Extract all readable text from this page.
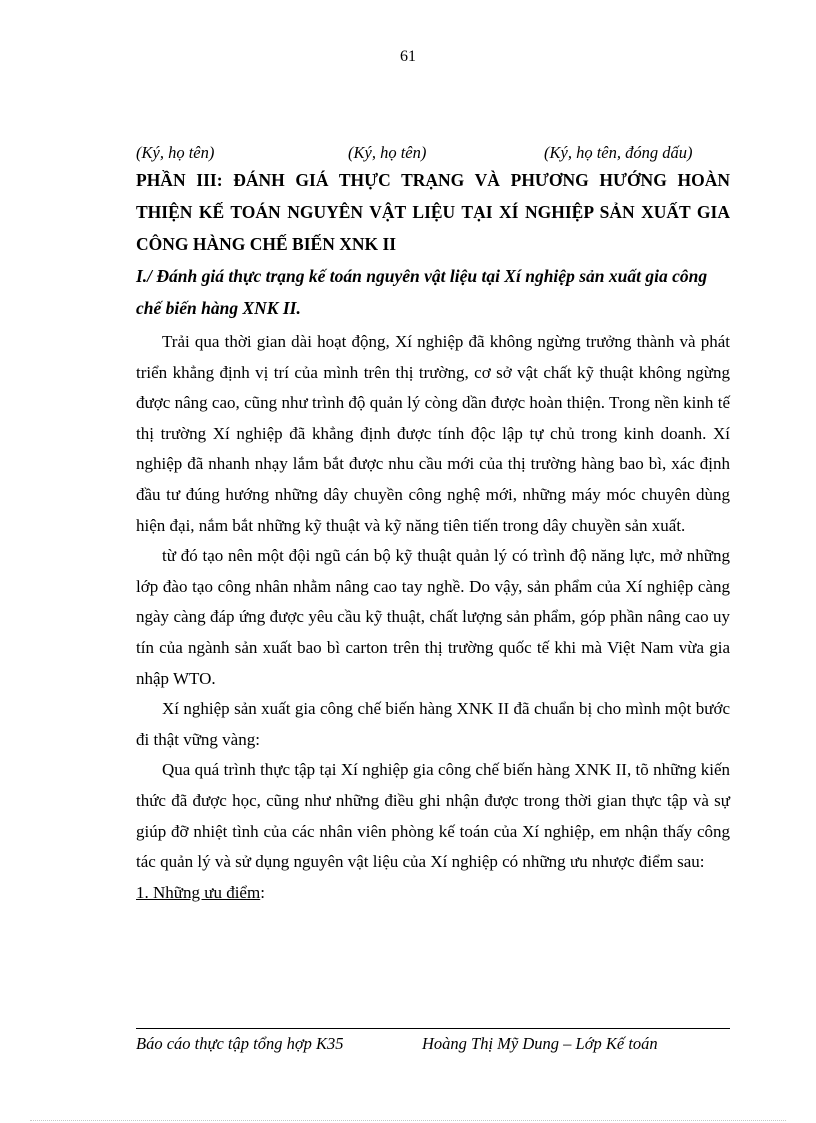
61
(Ký, họ tên)	(Ký, họ tên)	(Ký, họ tên, đóng dấu)

PHẦN III: ĐÁNH GIÁ THỰC TRẠNG VÀ PHƯƠNG HƯỚNG HOÀN THIỆN KẾ TOÁN NGUYÊN VẬT LIỆU TẠI XÍ NGHIỆP SẢN XUẤT GIA CÔNG HÀNG CHẾ BIẾN XNK II

I./ Đánh giá thực trạng kế toán nguyên vật liệu tại Xí nghiệp sản xuất gia công chế biến hàng XNK II.

Trải qua thời gian dài hoạt động, Xí nghiệp đã không ngừng trưởng thành và phát triển khẳng định vị trí của mình trên thị trường, cơ sở vật chất kỹ thuật không ngừng được nâng cao, cũng như trình độ quản lý còng dần được hoàn thiện. Trong nền kinh tế thị trường Xí nghiệp đã khẳng định được tính độc lập tự chủ trong kinh doanh. Xí nghiệp đã nhanh nhạy lắm bắt được nhu cầu mới của thị trường hàng bao bì, xác định đầu tư đúng hướng những dây chuyền công nghệ mới, những máy móc chuyên dùng hiện đại, nắm bắt những kỹ thuật và kỹ năng tiên tiến trong dây chuyền sản xuất.

từ đó tạo nên một đội ngũ cán bộ kỹ thuật quản lý có trình độ năng lực, mở những lớp đào tạo công nhân nhằm nâng cao tay nghề. Do vậy, sản phẩm của Xí nghiệp càng ngày càng đáp ứng được yêu cầu kỹ thuật, chất lượng sản phẩm, góp phần nâng cao uy tín của ngành sản xuất bao bì carton trên thị trường quốc tế khi mà Việt Nam vừa gia nhập WTO.

Xí nghiệp sản xuất gia công chế biến hàng XNK II đã chuẩn bị cho mình một bước đi thật vững vàng:

Qua quá trình thực tập tại Xí nghiệp gia công chế biến hàng XNK II, tõ những kiến thức đã được học, cũng như những điều ghi nhận được trong thời gian thực tập và sự giúp đỡ nhiệt tình của các nhân viên phòng kế toán của Xí nghiệp, em nhận thấy công tác quản lý và sử dụng nguyên vật liệu của Xí nghiệp có những ưu nhược điểm sau:

1. Những ưu điểm:

Báo cáo thực tập tổng hợp K35	Hoàng Thị Mỹ Dung – Lớp Kế toán
